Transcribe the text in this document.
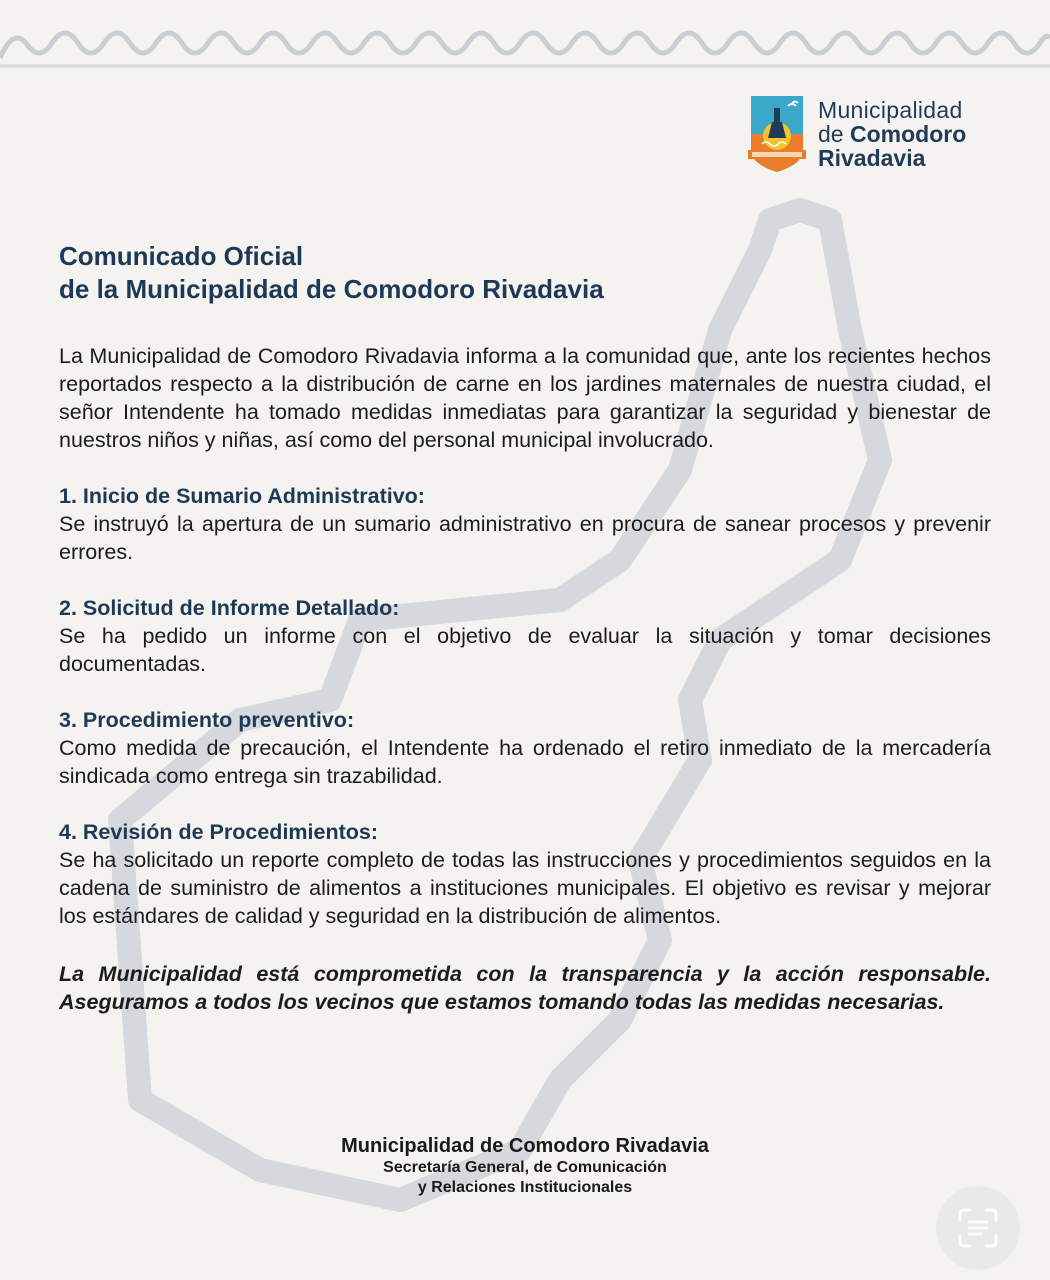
Municipalidad
de Comodoro
Rivadavia
Comunicado Oficial
de la Municipalidad de Comodoro Rivadavia

La Municipalidad de Comodoro Rivadavia informa a la comunidad que, ante los recientes hechos reportados respecto a la distribución de carne en los jardines maternales de nuestra ciudad, el señor Intendente ha tomado medidas inmediatas para garantizar la seguridad y bienestar de nuestros niños y niñas, así como del personal municipal involucrado.

1. Inicio de Sumario Administrativo:

Se instruyó la apertura de un sumario administrativo en procura de sanear procesos y prevenir errores.

2. Solicitud de Informe Detallado:

Se ha pedido un informe con el objetivo de evaluar la situación y tomar decisiones documentadas.

3. Procedimiento preventivo:

Como medida de precaución, el Intendente ha ordenado el retiro inmediato de la mercadería sindicada como entrega sin trazabilidad.

4. Revisión de Procedimientos:

Se ha solicitado un reporte completo de todas las instrucciones y procedimientos seguidos en la cadena de suministro de alimentos a instituciones municipales. El objetivo es revisar y mejorar los estándares de calidad y seguridad en la distribución de alimentos.

La Municipalidad está comprometida con la transparencia y la acción responsable. Aseguramos a todos los vecinos que estamos tomando todas las medidas necesarias.

Municipalidad de Comodoro Rivadavia
Secretaría General, de Comunicación
y Relaciones Institucionales
